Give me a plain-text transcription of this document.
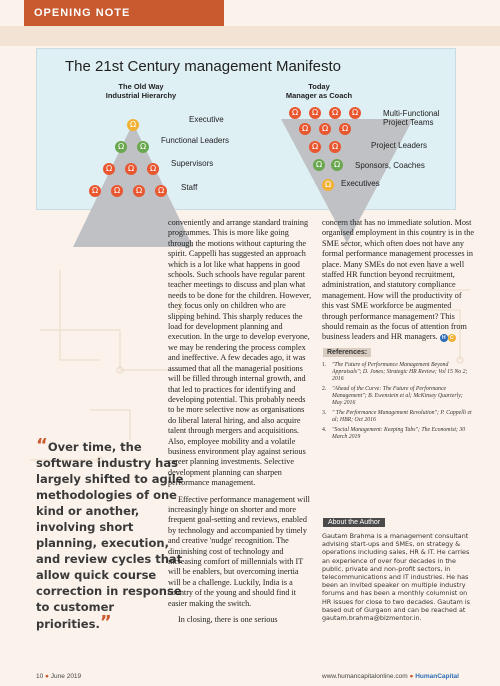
OPENING NOTE
The 21st Century management Manifesto
The Old Way
Industrial Hierarchy
Today
Manager as Coach
Ω
Ω	Ω
Ω	Ω	Ω
Ω	Ω	Ω	Ω
Executive
Functional Leaders
Supervisors
Staff
Ω	Ω	Ω	Ω
Ω	Ω	Ω
Ω	Ω
Ω	Ω
Ω
Multi-Functional Project Teams
Project Leaders
Sponsors, Coaches
Executives
“Over time, the software industry has largely shifted to agile methodologies of one kind or another, involving short planning, execution, and review cycles that allow quick course correction in response to customer priorities.”

conveniently and arrange standard training programmes. This is more like going through the motions without capturing the spirit. Cappelli has suggested an approach which is a lot like what happens in good schools. Such schools have regular parent teacher meetings to discuss and plan what needs to be done for the children. However, they focus only on children who are slipping behind. This sharply reduces the load for development planning and execution. In the urge to develop everyone, we may be rendering the process complex and ineffective. A few decades ago, it was assumed that all the managerial positions will be filled through internal growth, and that led to practices for identifying and developing potential. This probably needs to be more selective now as organisations do liberal lateral hiring, and also acquire talent through mergers and acquisitions. Also, employee mobility and a volatile business environment play against serious career planning investments. Selective development planning can sharpen performance management.

Effective performance management will increasingly hinge on shorter and more frequent goal-setting and reviews, enabled by technology and accompanied by timely and creative 'nudge' recognition. The diminishing cost of technology and increasing comfort of millennials with IT will be enablers, but overcoming inertia will be a challenge. Luckily, India is a country of the young and should find it easier making the switch.

In closing, there is one serious

concern that has no immediate solution. Most organised employment in this country is in the SME sector, which often does not have any formal performance management processes in place. Many SMEs do not even have a well staffed HR function beyond recruitment, administration, and statutory compliance management. How will the productivity of this vast SME workforce be augmented through performance management? This should remain as the focus of attention from business leaders and HR managers. H C

References:
1. "The Future of Performance Management Beyond Appraisals"; D. Jones; Strategic HR Review; Vol 15 No 2; 2016
2. "Ahead of the Curve: The Future of Performance Management"; B. Ewenstein et al; McKinsey Quarterly; May 2016
3. " The Performance Management Revolution"; P. Cappelli et al; HBR; Oct 2016
4. "Social Management: Keeping Tabs"; The Economist; 30 March 2019
About the Author
Gautam Brahma is a management consultant advising start-ups and SMEs, on strategy & operations including sales, HR & IT. He carries an experience of over four decades in the public, private and non-profit sectors, in telecommunications and IT industries. He has been an invited speaker on multiple industry forums and has been a monthly columnist on HR issues for close to two decades. Gautam is based out of Gurgaon and can be reached at gautam.brahma@bizmentor.in.
10 ● June 2019	www.humancapitalonline.com ● HumanCapital
